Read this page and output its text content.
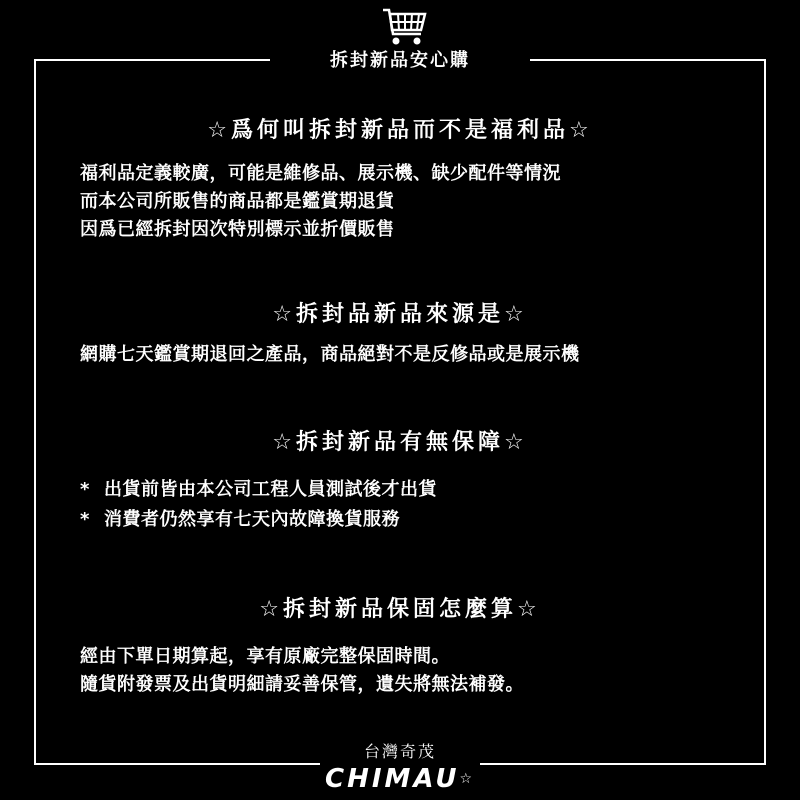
拆封新品安心購
☆爲何叫拆封新品而不是福利品☆
福利品定義較廣，可能是維修品、展示機、缺少配件等情況
而本公司所販售的商品都是鑑賞期退貨
因爲已經拆封因次特別標示並折價販售
☆拆封品新品來源是☆
網購七天鑑賞期退回之產品，商品絕對不是反修品或是展示機
☆拆封新品有無保障☆
* 出貨前皆由本公司工程人員測試後才出貨
* 消費者仍然享有七天內故障換貨服務
☆拆封新品保固怎麼算☆
經由下單日期算起，享有原廠完整保固時間。
隨貨附發票及出貨明細請妥善保管，遺失將無法補發。
台灣奇茂
CHIMAU☆
